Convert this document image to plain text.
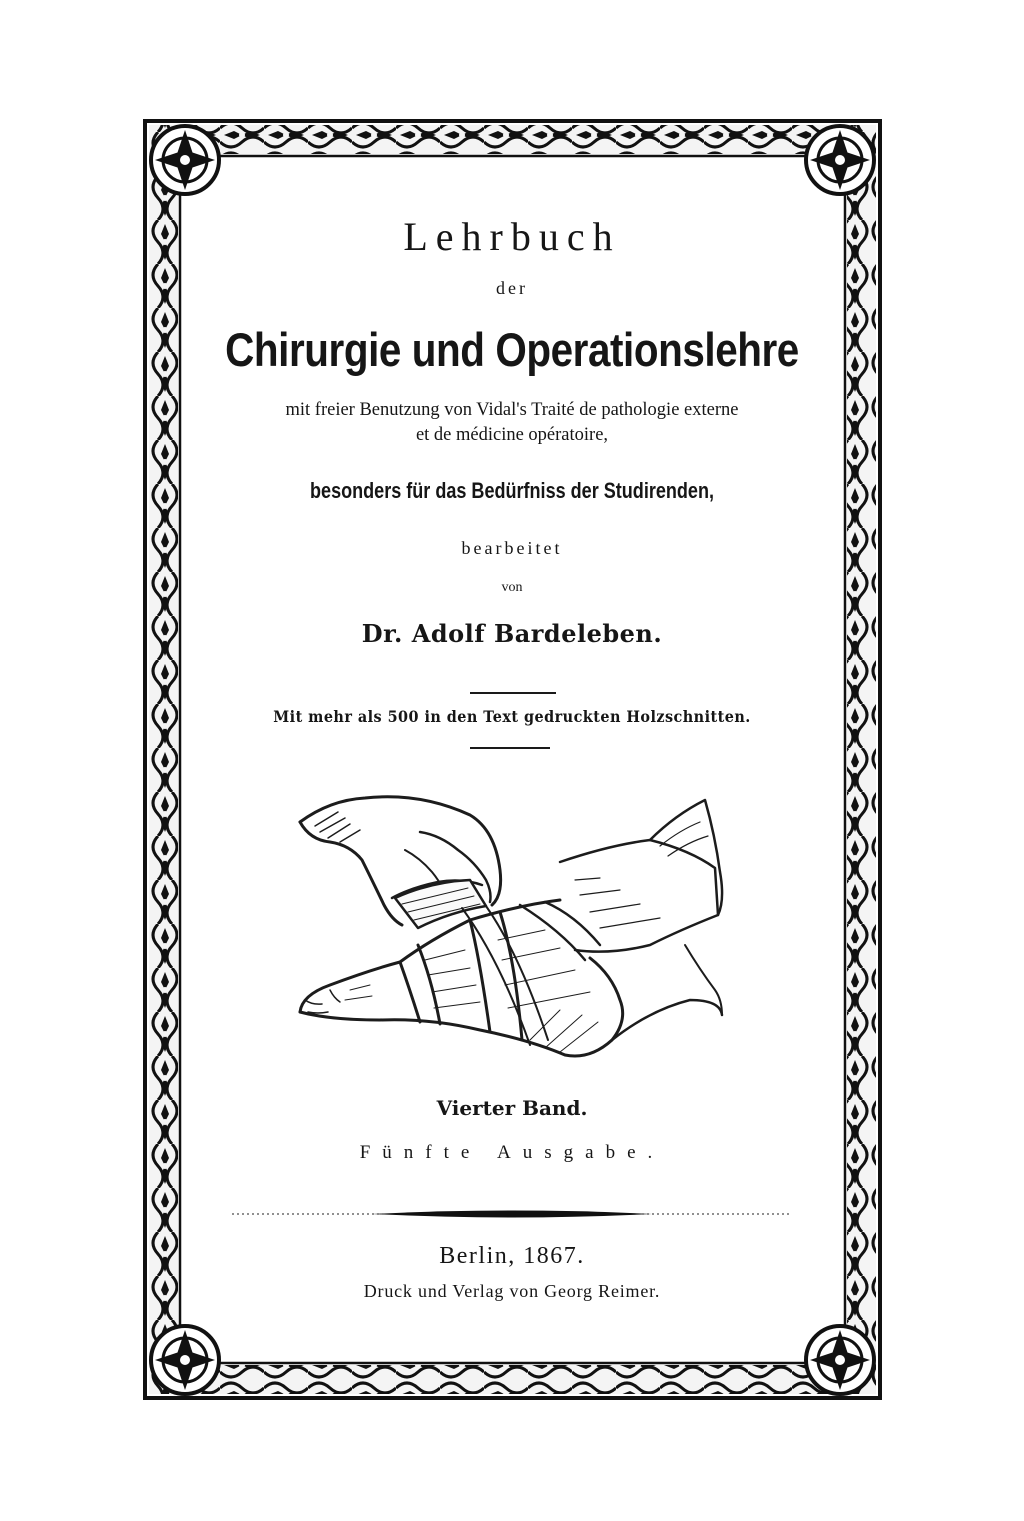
Lehrbuch

der

Chirurgie und Operationslehre

mit freier Benutzung von Vidal's Traité de pathologie externe
et de médicine opératoire,

besonders für das Bedürfniss der Studirenden,

bearbeitet

von

Dr. Adolf Bardeleben.

Mit mehr als 500 in den Text gedruckten Holzschnitten.

Vierter Band.

Fünfte Ausgabe.

Berlin, 1867.

Druck und Verlag von Georg Reimer.
